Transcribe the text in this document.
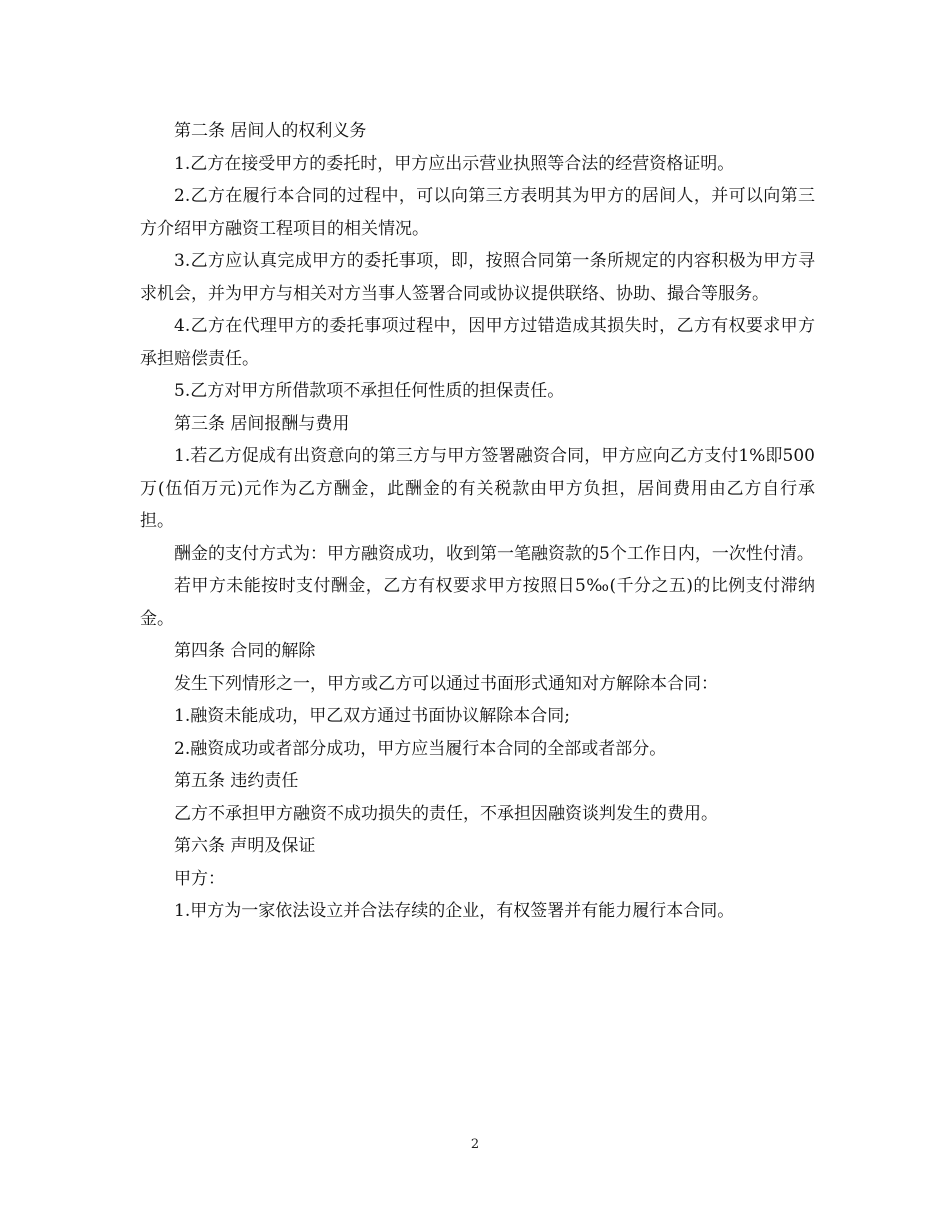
第二条 居间人的权利义务

1.乙方在接受甲方的委托时，甲方应出示营业执照等合法的经营资格证明。

2.乙方在履行本合同的过程中，可以向第三方表明其为甲方的居间人，并可以向第三方介绍甲方融资工程项目的相关情况。

3.乙方应认真完成甲方的委托事项，即，按照合同第一条所规定的内容积极为甲方寻求机会，并为甲方与相关对方当事人签署合同或协议提供联络、协助、撮合等服务。

4.乙方在代理甲方的委托事项过程中，因甲方过错造成其损失时，乙方有权要求甲方承担赔偿责任。

5.乙方对甲方所借款项不承担任何性质的担保责任。

第三条 居间报酬与费用

1.若乙方促成有出资意向的第三方与甲方签署融资合同，甲方应向乙方支付1%即500万(伍佰万元)元作为乙方酬金，此酬金的有关税款由甲方负担，居间费用由乙方自行承担。

酬金的支付方式为：甲方融资成功，收到第一笔融资款的5个工作日内，一次性付清。

若甲方未能按时支付酬金，乙方有权要求甲方按照日5‰(千分之五)的比例支付滞纳金。

第四条 合同的解除

发生下列情形之一，甲方或乙方可以通过书面形式通知对方解除本合同：

1.融资未能成功，甲乙双方通过书面协议解除本合同;

2.融资成功或者部分成功，甲方应当履行本合同的全部或者部分。

第五条 违约责任

乙方不承担甲方融资不成功损失的责任，不承担因融资谈判发生的费用。

第六条 声明及保证

甲方：

1.甲方为一家依法设立并合法存续的企业，有权签署并有能力履行本合同。

2
